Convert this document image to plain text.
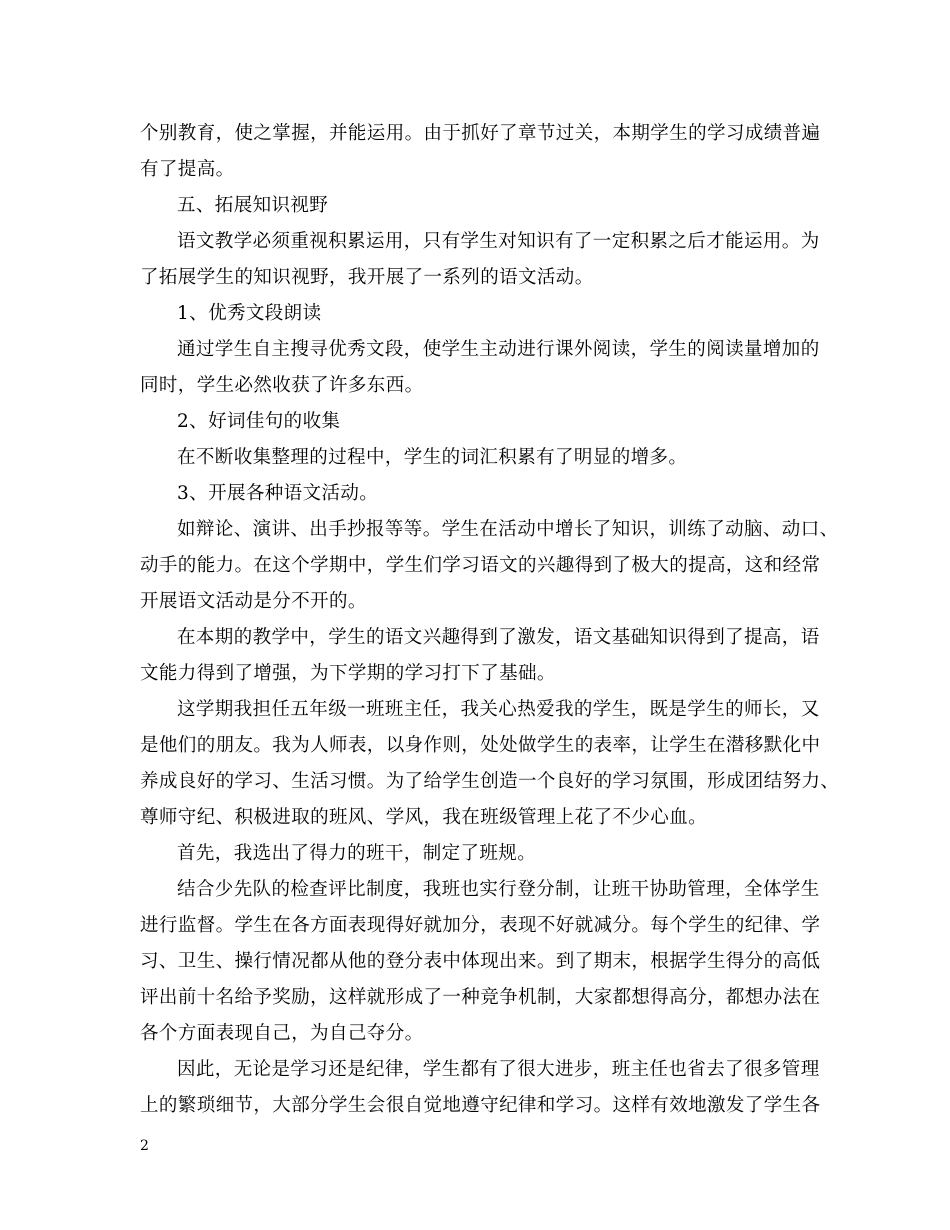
个别教育，使之掌握，并能运用。由于抓好了章节过关，本期学生的学习成绩普遍
有了提高。
五、拓展知识视野
语文教学必须重视积累运用，只有学生对知识有了一定积累之后才能运用。为
了拓展学生的知识视野，我开展了一系列的语文活动。
1、优秀文段朗读
通过学生自主搜寻优秀文段，使学生主动进行课外阅读，学生的阅读量增加的
同时，学生必然收获了许多东西。
2、好词佳句的收集
在不断收集整理的过程中，学生的词汇积累有了明显的增多。
3、开展各种语文活动。
如辩论、演讲、出手抄报等等。学生在活动中增长了知识，训练了动脑、动口、
动手的能力。在这个学期中，学生们学习语文的兴趣得到了极大的提高，这和经常
开展语文活动是分不开的。
在本期的教学中，学生的语文兴趣得到了激发，语文基础知识得到了提高，语
文能力得到了增强，为下学期的学习打下了基础。
这学期我担任五年级一班班主任，我关心热爱我的学生，既是学生的师长，又
是他们的朋友。我为人师表，以身作则，处处做学生的表率，让学生在潜移默化中
养成良好的学习、生活习惯。为了给学生创造一个良好的学习氛围，形成团结努力、
尊师守纪、积极进取的班风、学风，我在班级管理上花了不少心血。
首先，我选出了得力的班干，制定了班规。
结合少先队的检查评比制度，我班也实行登分制，让班干协助管理，全体学生
进行监督。学生在各方面表现得好就加分，表现不好就减分。每个学生的纪律、学
习、卫生、操行情况都从他的登分表中体现出来。到了期末，根据学生得分的高低
评出前十名给予奖励，这样就形成了一种竞争机制，大家都想得高分，都想办法在
各个方面表现自己，为自己夺分。
因此，无论是学习还是纪律，学生都有了很大进步，班主任也省去了很多管理
上的繁琐细节，大部分学生会很自觉地遵守纪律和学习。这样有效地激发了学生各
2
